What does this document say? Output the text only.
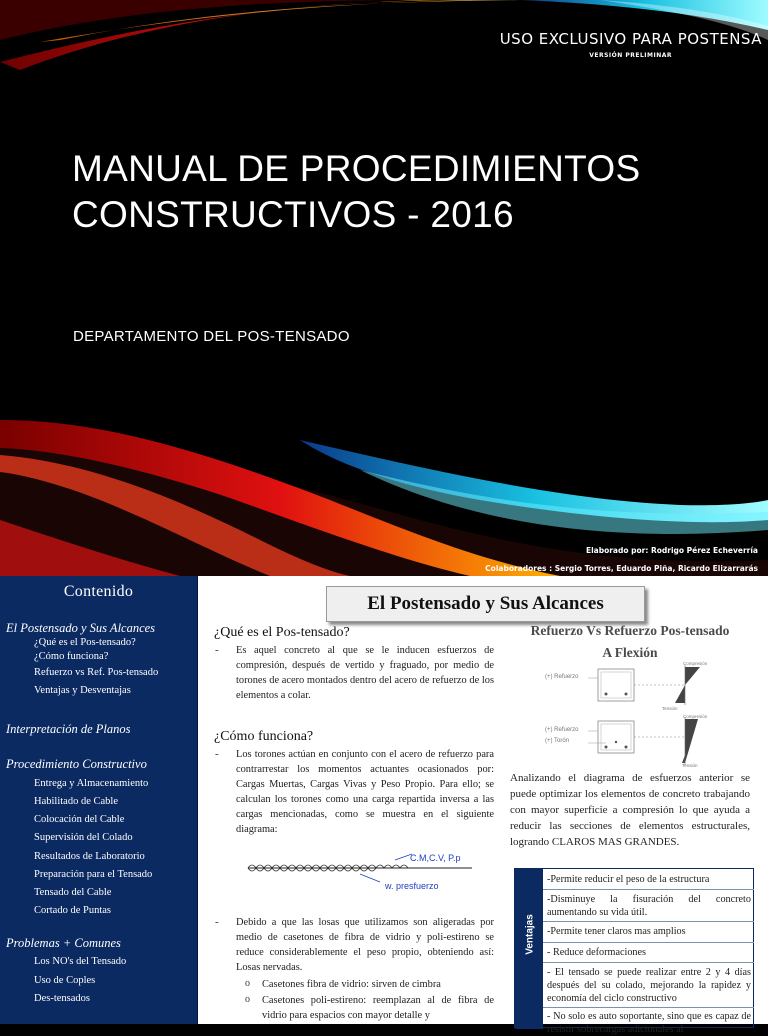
USO EXCLUSIVO PARA POSTENSA
VERSIÓN PRELIMINAR
MANUAL DE PROCEDIMIENTOS
CONSTRUCTIVOS - 2016
DEPARTAMENTO DEL POS-TENSADO
Elaborado por: Rodrigo Pérez Echeverría
Colaboradores : Sergio Torres, Eduardo Piña, Ricardo Elizarrarás
Contenido
El Postensado y Sus Alcances
¿Qué es el Pos-tensado?
¿Cómo funciona?
Refuerzo vs Ref. Pos-tensado
Ventajas y Desventajas
Interpretación de Planos
Procedimiento Constructivo
Entrega y Almacenamiento
Habilitado de Cable
Colocación del Cable
Supervisión del Colado
Resultados de Laboratorio
Preparación para el Tensado
Tensado del Cable
Cortado de Puntas
Problemas + Comunes
Los NO's del Tensado
Uso de Coples
Des-tensados
El Postensado y Sus Alcances
¿Qué es el Pos-tensado?
- Es aquel concreto al que se le inducen esfuerzos de compresión, después de vertido y fraguado, por medio de torones de acero montados dentro del acero de refuerzo de los elementos a colar.
¿Cómo funciona?
- Los torones actúan en conjunto con el acero de refuerzo para contrarrestar los momentos actuantes ocasionados por: Cargas Muertas, Cargas Vivas y Peso Propio. Para ello; se calculan los torones como una carga repartida inversa a las cargas mencionadas, como se muestra en el siguiente diagrama:
C.M,C.V, P.p
w. presfuerzo
- Debido a que las losas que utilizamos son aligeradas por medio de casetones de fibra de vidrio y poli-estireno se reduce considerablemente el peso propio, obteniendo así: Losas nervadas.
o Casetones fibra de vidrio: sirven de cimbra
o Casetones poli-estireno: reemplazan al de fibra de vidrio para espacios con mayor detalle y
Refuerzo Vs Refuerzo Pos-tensado
A Flexión
(+) Refuerzo
(+) Refuerzo
(+) Torón
Compresión
Tensión
Compresión
Tensión
Analizando el diagrama de esfuerzos anterior se puede optimizar los elementos de concreto trabajando con mayor superficie a compresión lo que ayuda a reducir las secciones de elementos estructurales, logrando CLAROS MAS GRANDES.
Ventajas
-Permite reducir el peso de la estructura
-Disminuye la fisuración del concreto aumentando su vida útil.
-Permite tener claros mas amplios
- Reduce deformaciones
- El tensado se puede realizar entre 2 y 4 días después del su colado, mejorando la rapidez y economía del ciclo constructivo
- No solo es auto soportante, sino que es capaz de resistir sobrecargas adicionales al
